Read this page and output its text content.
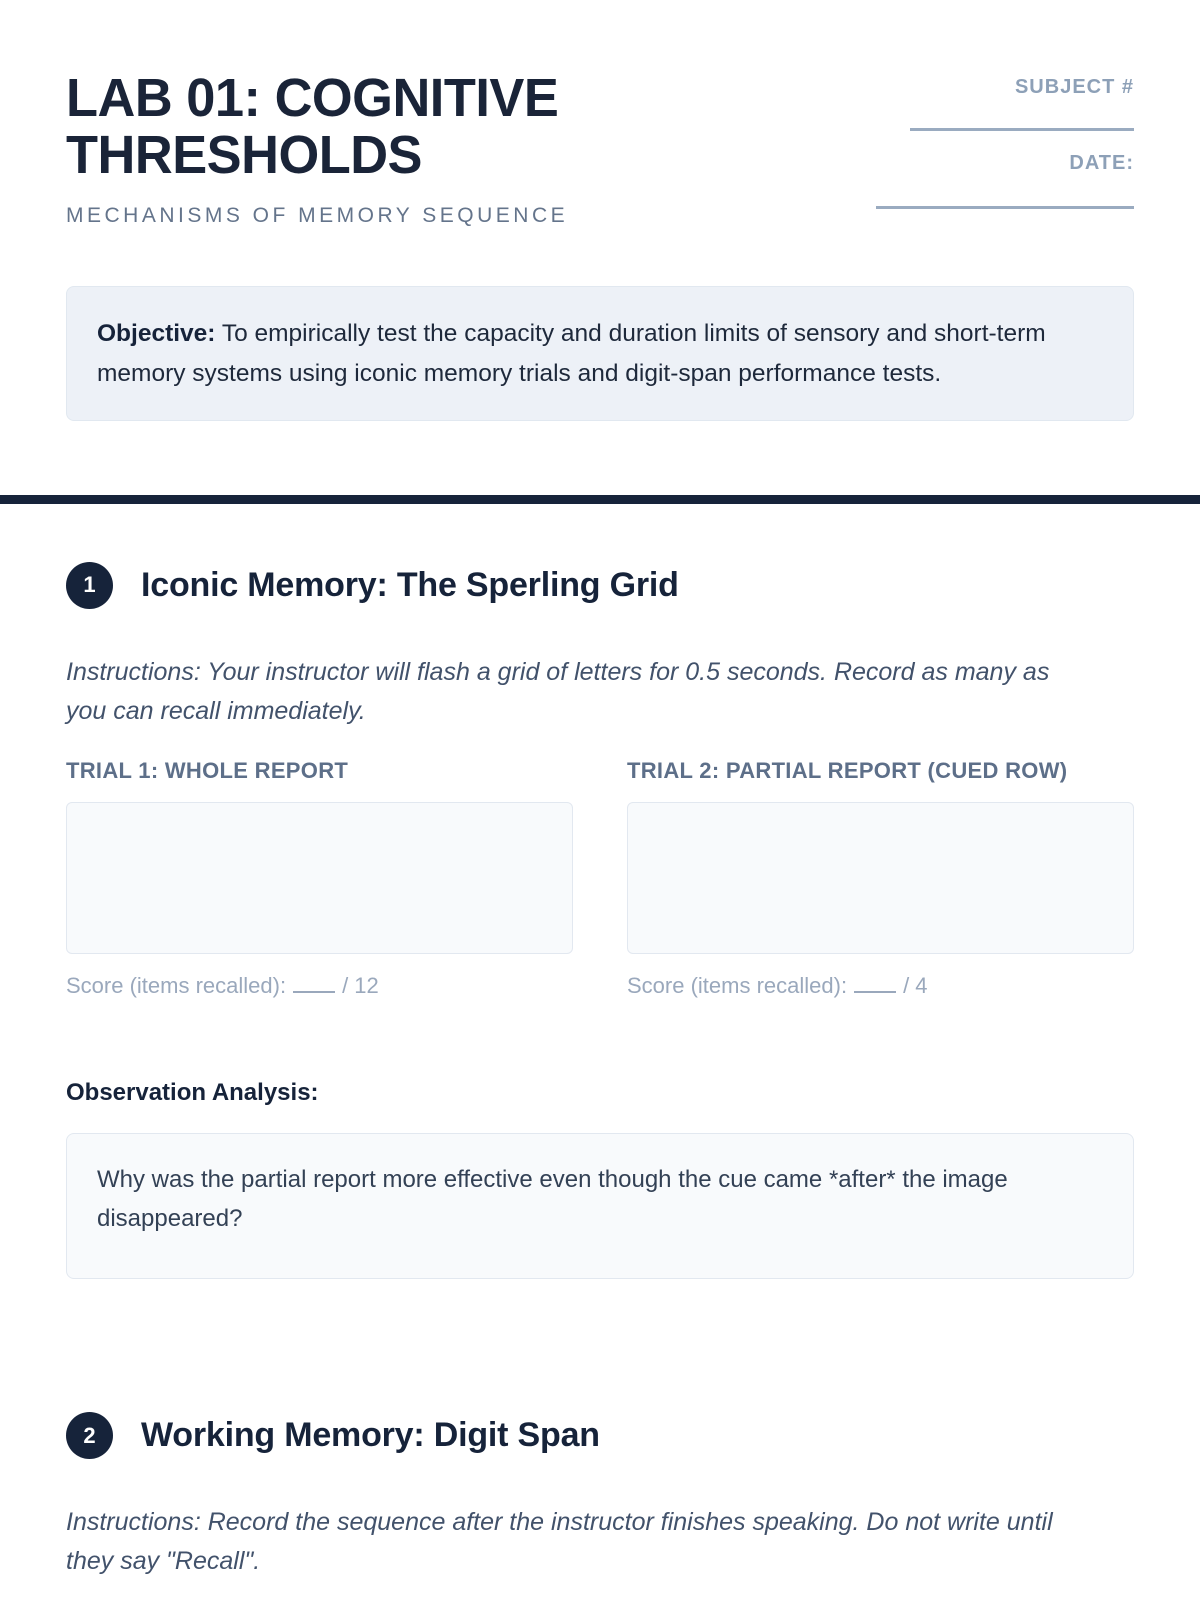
LAB 01: COGNITIVE THRESHOLDS
MECHANISMS OF MEMORY SEQUENCE
SUBJECT #
DATE:
Objective: To empirically test the capacity and duration limits of sensory and short-term memory systems using iconic memory trials and digit-span performance tests.
1	Iconic Memory: The Sperling Grid
Instructions: Your instructor will flash a grid of letters for 0.5 seconds. Record as many as you can recall immediately.
TRIAL 1: WHOLE REPORT
Score (items recalled):	/ 12
TRIAL 2: PARTIAL REPORT (CUED ROW)
Score (items recalled):	/ 4
Observation Analysis:
Why was the partial report more effective even though the cue came *after* the image disappeared?
2	Working Memory: Digit Span
Instructions: Record the sequence after the instructor finishes speaking. Do not write until they say "Recall".
